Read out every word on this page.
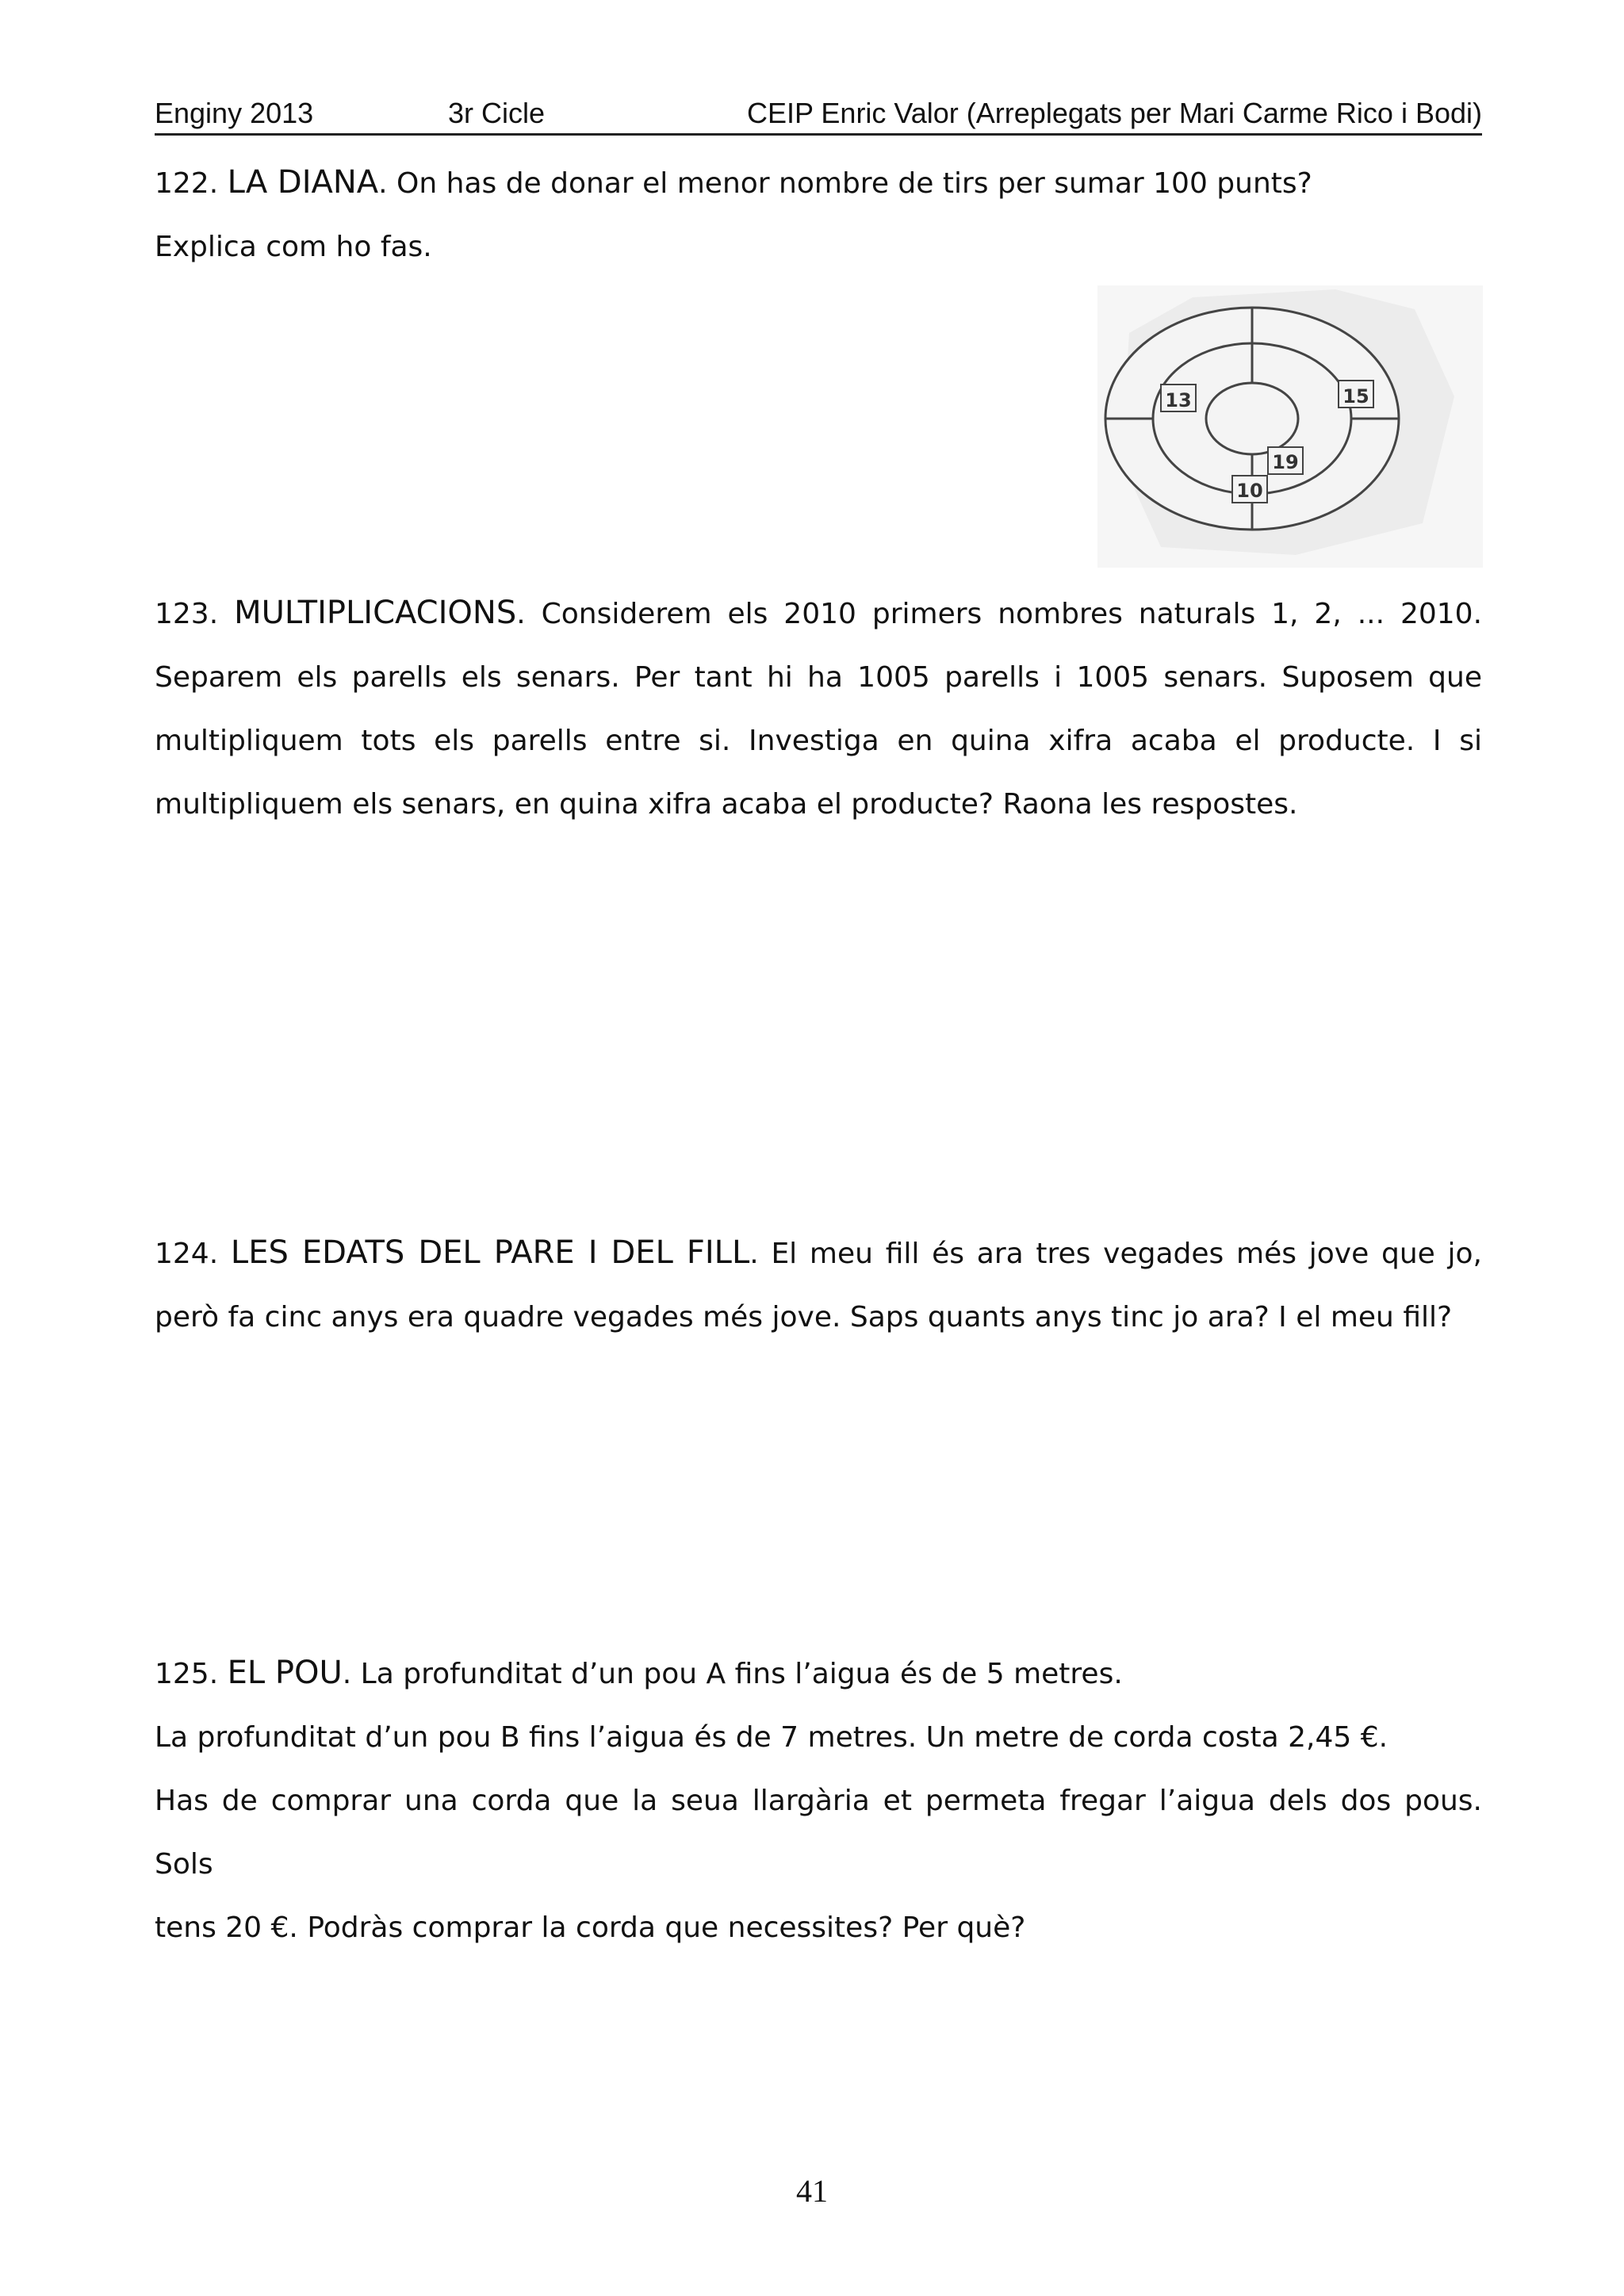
Enginy 2013	3r Cicle	CEIP Enric Valor (Arreplegats per Mari Carme Rico i Bodi)
122. LA DIANA. On has de donar el menor nombre de tirs per sumar 100 punts?
Explica com ho fas.
13	15
19
10
123. MULTIPLICACIONS. Considerem els 2010 primers nombres naturals 1, 2, ... 2010.
Separem els parells els senars. Per tant hi ha 1005 parells i 1005 senars. Suposem que
multipliquem tots els parells entre si. Investiga en quina xifra acaba el producte. I si
multipliquem els senars, en quina xifra acaba el producte? Raona les respostes.
124. LES EDATS DEL PARE I DEL FILL. El meu fill és ara tres vegades més jove que jo,
però fa cinc anys era quadre vegades més jove. Saps quants anys tinc jo ara? I el meu fill?
125. EL POU. La profunditat d’un pou A fins l’aigua és de 5 metres.
La profunditat d’un pou B fins l’aigua és de 7 metres. Un metre de corda costa 2,45 €.
Has de comprar una corda que la seua llargària et permeta fregar l’aigua dels dos pous. Sols
tens 20 €. Podràs comprar la corda que necessites? Per què?
41
